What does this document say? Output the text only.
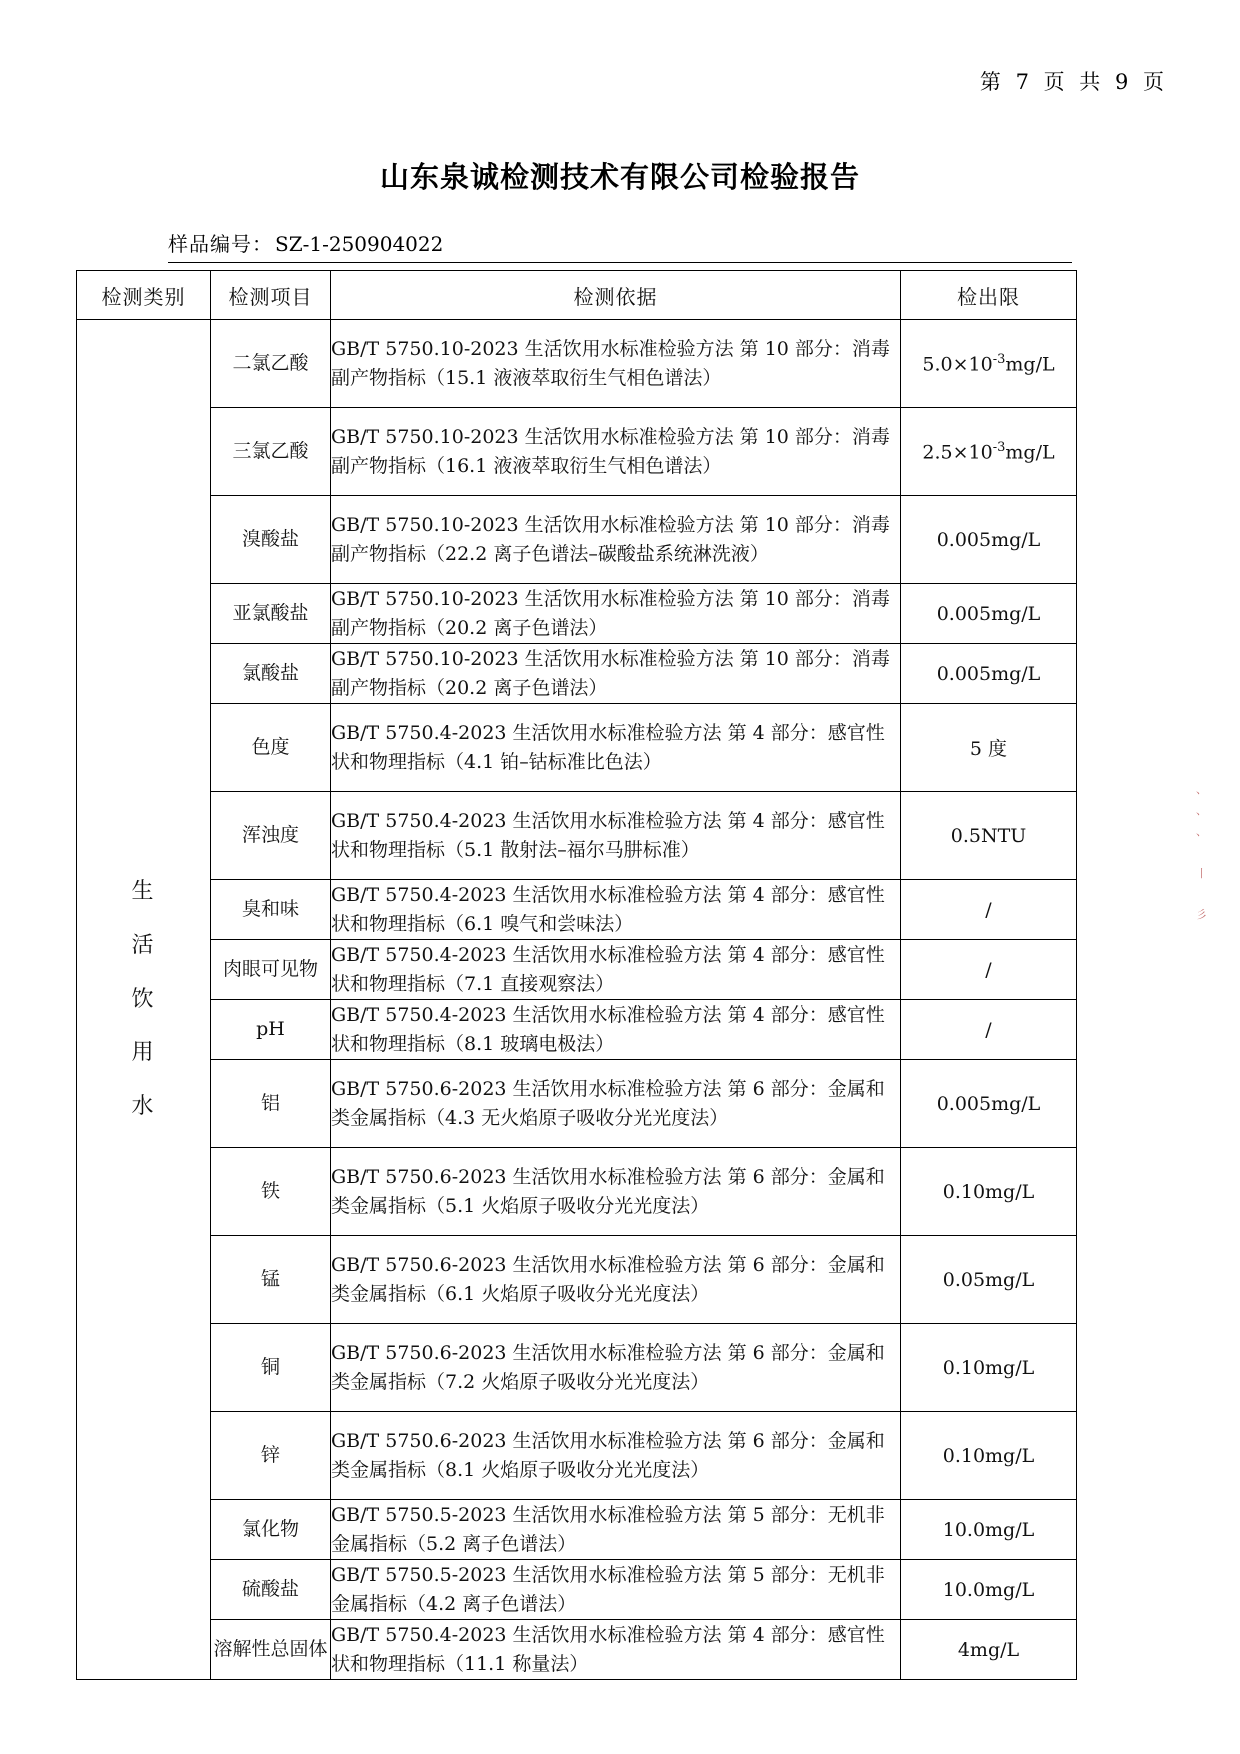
第 7 页 共 9 页
山东泉诚检测技术有限公司检验报告
样品编号： SZ-1-250904022
检测类别	检测项目	检测依据	检出限
生
活
饮
用
水	二氯乙酸	GB/T 5750.10-2023 生活饮用水标准检验方法 第 10 部分：消毒副产物指标（15.1 液液萃取衍生气相色谱法）	$5.0\times 10^{-3}mg/L$
	三氯乙酸	GB/T 5750.10-2023 生活饮用水标准检验方法 第 10 部分：消毒副产物指标（16.1 液液萃取衍生气相色谱法）	$2.5\times 10^{-3}mg/L$
	溴酸盐	GB/T 5750.10-2023 生活饮用水标准检验方法 第 10 部分：消毒副产物指标（22.2 离子色谱法–碳酸盐系统淋洗液）	0.005mg/L
	亚氯酸盐	GB/T 5750.10-2023 生活饮用水标准检验方法 第 10 部分：消毒副产物指标（20.2 离子色谱法）	0.005mg/L
	氯酸盐	GB/T 5750.10-2023 生活饮用水标准检验方法 第 10 部分：消毒副产物指标（20.2 离子色谱法）	0.005mg/L
	色度	GB/T 5750.4-2023 生活饮用水标准检验方法 第 4 部分：感官性状和物理指标（4.1 铂–钴标准比色法）	5 度
	浑浊度	GB/T 5750.4-2023 生活饮用水标准检验方法 第 4 部分：感官性状和物理指标（5.1 散射法–福尔马肼标准）	0.5NTU
	臭和味	GB/T 5750.4-2023 生活饮用水标准检验方法 第 4 部分：感官性状和物理指标（6.1 嗅气和尝味法）	/
	肉眼可见物	GB/T 5750.4-2023 生活饮用水标准检验方法 第 4 部分：感官性状和物理指标（7.1 直接观察法）	/
	pH	GB/T 5750.4-2023 生活饮用水标准检验方法 第 4 部分：感官性状和物理指标（8.1 玻璃电极法）	/
	铝	GB/T 5750.6-2023 生活饮用水标准检验方法 第 6 部分：金属和类金属指标（4.3 无火焰原子吸收分光光度法）	0.005mg/L
	铁	GB/T 5750.6-2023 生活饮用水标准检验方法 第 6 部分：金属和类金属指标（5.1 火焰原子吸收分光光度法）	0.10mg/L
	锰	GB/T 5750.6-2023 生活饮用水标准检验方法 第 6 部分：金属和类金属指标（6.1 火焰原子吸收分光光度法）	0.05mg/L
	铜	GB/T 5750.6-2023 生活饮用水标准检验方法 第 6 部分：金属和类金属指标（7.2 火焰原子吸收分光光度法）	0.10mg/L
	锌	GB/T 5750.6-2023 生活饮用水标准检验方法 第 6 部分：金属和类金属指标（8.1 火焰原子吸收分光光度法）	0.10mg/L
	氯化物	GB/T 5750.5-2023 生活饮用水标准检验方法 第 5 部分：无机非金属指标（5.2 离子色谱法）	10.0mg/L
	硫酸盐	GB/T 5750.5-2023 生活饮用水标准检验方法 第 5 部分：无机非金属指标（4.2 离子色谱法）	10.0mg/L
	溶解性总固体	GB/T 5750.4-2023 生活饮用水标准检验方法 第 4 部分：感官性状和物理指标（11.1 称量法）	4mg/L
、
、
、

丨

彡
